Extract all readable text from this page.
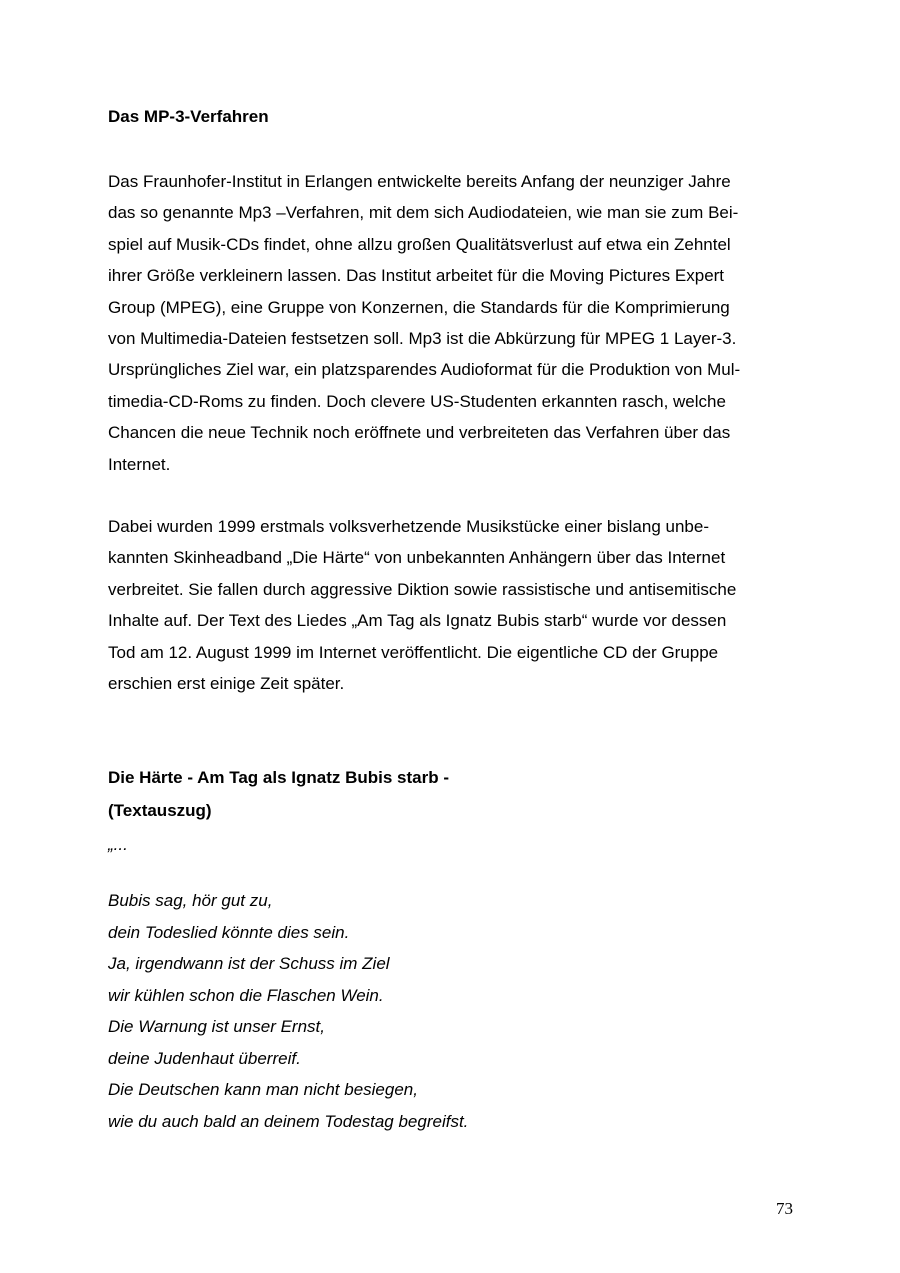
Das MP-3-Verfahren

Das Fraunhofer-Institut in Erlangen entwickelte bereits Anfang der neunziger Jahre
das so genannte Mp3 –Verfahren, mit dem sich Audiodateien, wie man sie zum Bei-
spiel auf Musik-CDs findet, ohne allzu großen Qualitätsverlust auf etwa ein Zehntel
ihrer Größe verkleinern lassen. Das Institut arbeitet für die Moving Pictures Expert
Group (MPEG), eine Gruppe von Konzernen, die Standards für die Komprimierung
von Multimedia-Dateien festsetzen soll. Mp3 ist die Abkürzung für MPEG 1 Layer-3.
Ursprüngliches Ziel war, ein platzsparendes Audioformat für die Produktion von Mul-
timedia-CD-Roms zu finden. Doch clevere US-Studenten erkannten rasch, welche
Chancen die neue Technik noch eröffnete und verbreiteten das Verfahren über das
Internet.

Dabei wurden 1999 erstmals volksverhetzende Musikstücke einer bislang unbe-
kannten Skinheadband „Die Härte“ von unbekannten Anhängern über das Internet
verbreitet. Sie fallen durch aggressive Diktion sowie rassistische und antisemitische
Inhalte auf. Der Text des Liedes „Am Tag als Ignatz Bubis starb“ wurde vor dessen
Tod am 12. August 1999 im Internet veröffentlicht. Die eigentliche CD der Gruppe
erschien erst einige Zeit später.

Die Härte - Am Tag als Ignatz Bubis starb -
(Textauszug)

„...

Bubis sag, hör gut zu,
dein Todeslied könnte dies sein.
Ja, irgendwann ist der Schuss im Ziel
wir kühlen schon die Flaschen Wein.
Die Warnung ist unser Ernst,
deine Judenhaut überreif.
Die Deutschen kann man nicht besiegen,
wie du auch bald an deinem Todestag begreifst.

73
